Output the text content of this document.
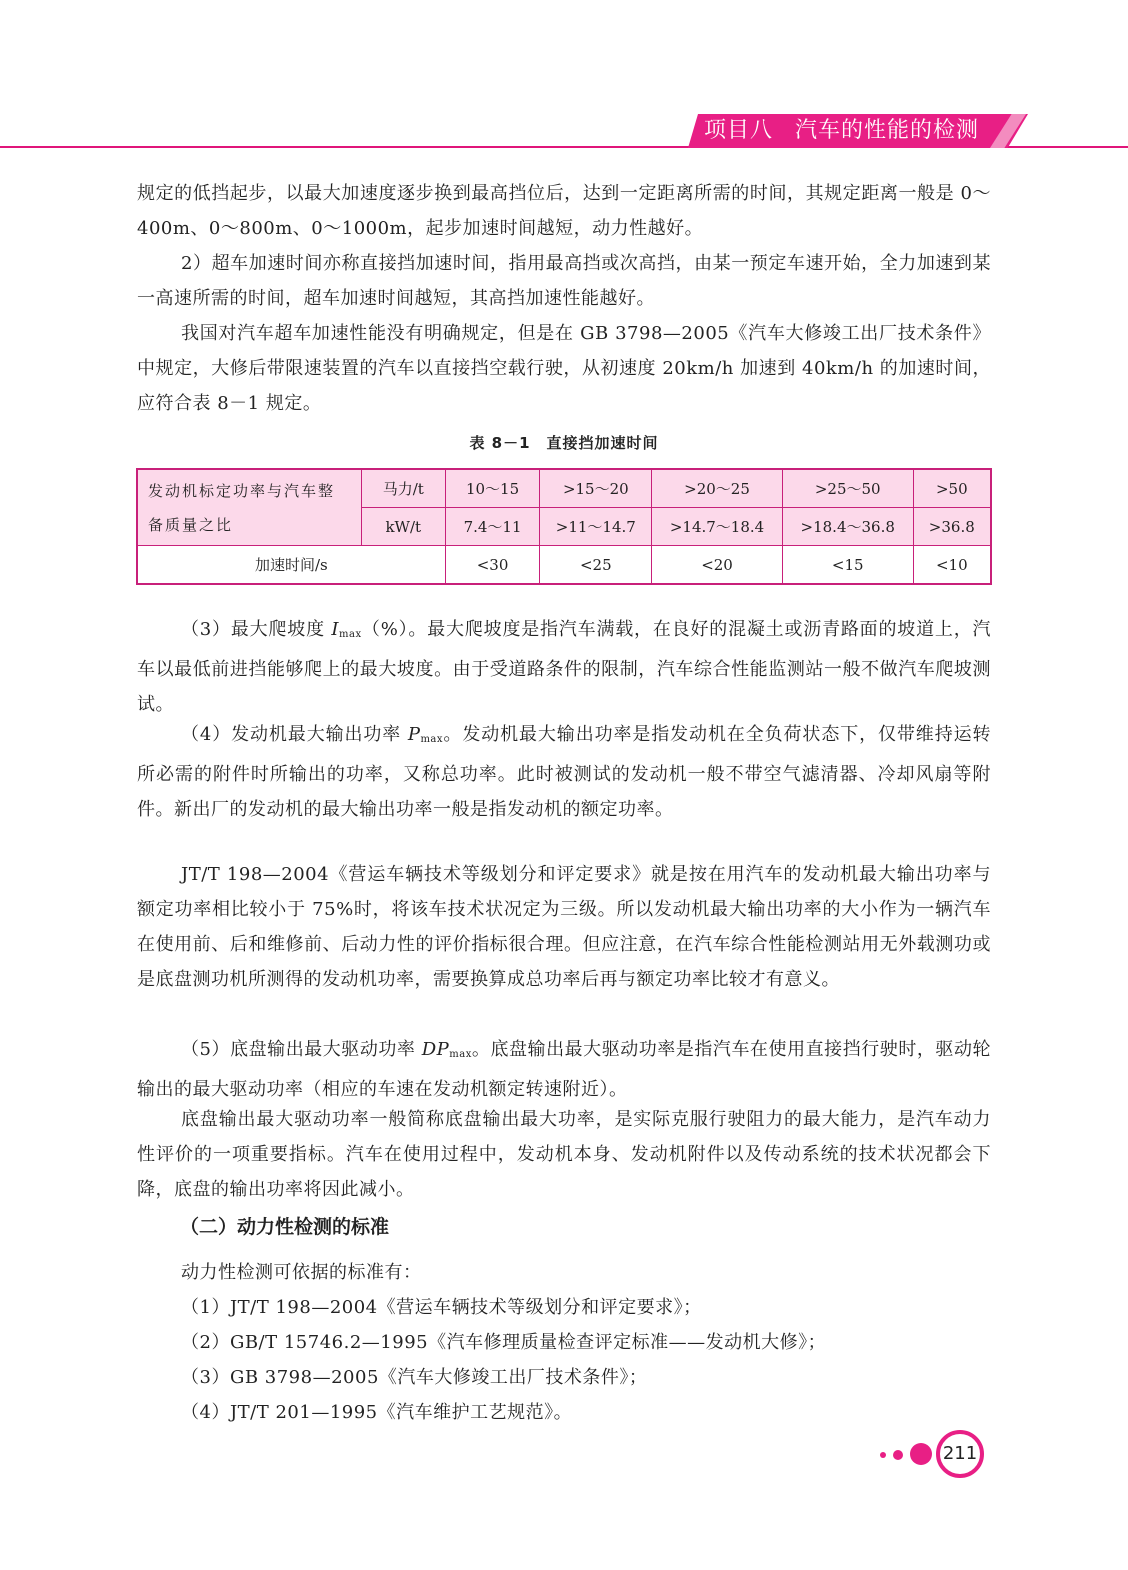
项目八 汽车的性能的检测
规定的低挡起步，以最大加速度逐步换到最高挡位后，达到一定距离所需的时间，其规定距离一般是 0～400m、0～800m、0～1000m，起步加速时间越短，动力性越好。
2）超车加速时间亦称直接挡加速时间，指用最高挡或次高挡，由某一预定车速开始，全力加速到某一高速所需的时间，超车加速时间越短，其高挡加速性能越好。
我国对汽车超车加速性能没有明确规定，但是在 GB 3798—2005《汽车大修竣工出厂技术条件》中规定，大修后带限速装置的汽车以直接挡空载行驶，从初速度 20km/h 加速到 40km/h 的加速时间，应符合表 8－1 规定。
表 8－1 直接挡加速时间
发动机标定功率与汽车整备质量之比	马力/t	10～15	>15～20	>20～25	>25～50	>50
	kW/t	7.4～11	>11～14.7	>14.7～18.4	>18.4～36.8	>36.8
加速时间/s		<30	<25	<20	<15	<10
（3）最大爬坡度 $I_{max}(\%)$。最大爬坡度是指汽车满载，在良好的混凝土或沥青路面的坡道上，汽车以最低前进挡能够爬上的最大坡度。由于受道路条件的限制，汽车综合性能监测站一般不做汽车爬坡测试。
（4）发动机最大输出功率 $P_{max}$。发动机最大输出功率是指发动机在全负荷状态下，仅带维持运转所必需的附件时所输出的功率，又称总功率。此时被测试的发动机一般不带空气滤清器、冷却风扇等附件。新出厂的发动机的最大输出功率一般是指发动机的额定功率。
JT/T 198—2004《营运车辆技术等级划分和评定要求》就是按在用汽车的发动机最大输出功率与额定功率相比较小于 75%时，将该车技术状况定为三级。所以发动机最大输出功率的大小作为一辆汽车在使用前、后和维修前、后动力性的评价指标很合理。但应注意，在汽车综合性能检测站用无外载测功或是底盘测功机所测得的发动机功率，需要换算成总功率后再与额定功率比较才有意义。
（5）底盘输出最大驱动功率 $DP_{max}$。底盘输出最大驱动功率是指汽车在使用直接挡行驶时，驱动轮输出的最大驱动功率（相应的车速在发动机额定转速附近）。
底盘输出最大驱动功率一般简称底盘输出最大功率，是实际克服行驶阻力的最大能力，是汽车动力性评价的一项重要指标。汽车在使用过程中，发动机本身、发动机附件以及传动系统的技术状况都会下降，底盘的输出功率将因此减小。
（二）动力性检测的标准
动力性检测可依据的标准有：
（1）JT/T 198—2004《营运车辆技术等级划分和评定要求》；
（2）GB/T 15746.2—1995《汽车修理质量检查评定标准——发动机大修》；
（3）GB 3798—2005《汽车大修竣工出厂技术条件》；
（4）JT/T 201—1995《汽车维护工艺规范》。
211
